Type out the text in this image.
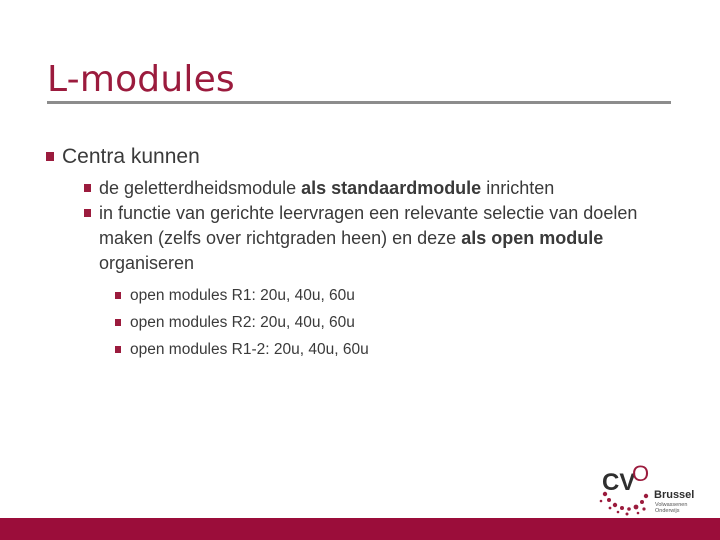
L-modules
Centra kunnen
de geletterdheidsmodule als standaardmodule inrichten
in functie van gerichte leervragen een relevante selectie van doelen maken (zelfs over richtgraden heen) en deze als open module organiseren
open modules R1: 20u, 40u, 60u
open modules R2: 20u, 40u, 60u
open modules R1-2: 20u, 40u, 60u
CV
O
Brussel
Volwassenen
Onderwijs
